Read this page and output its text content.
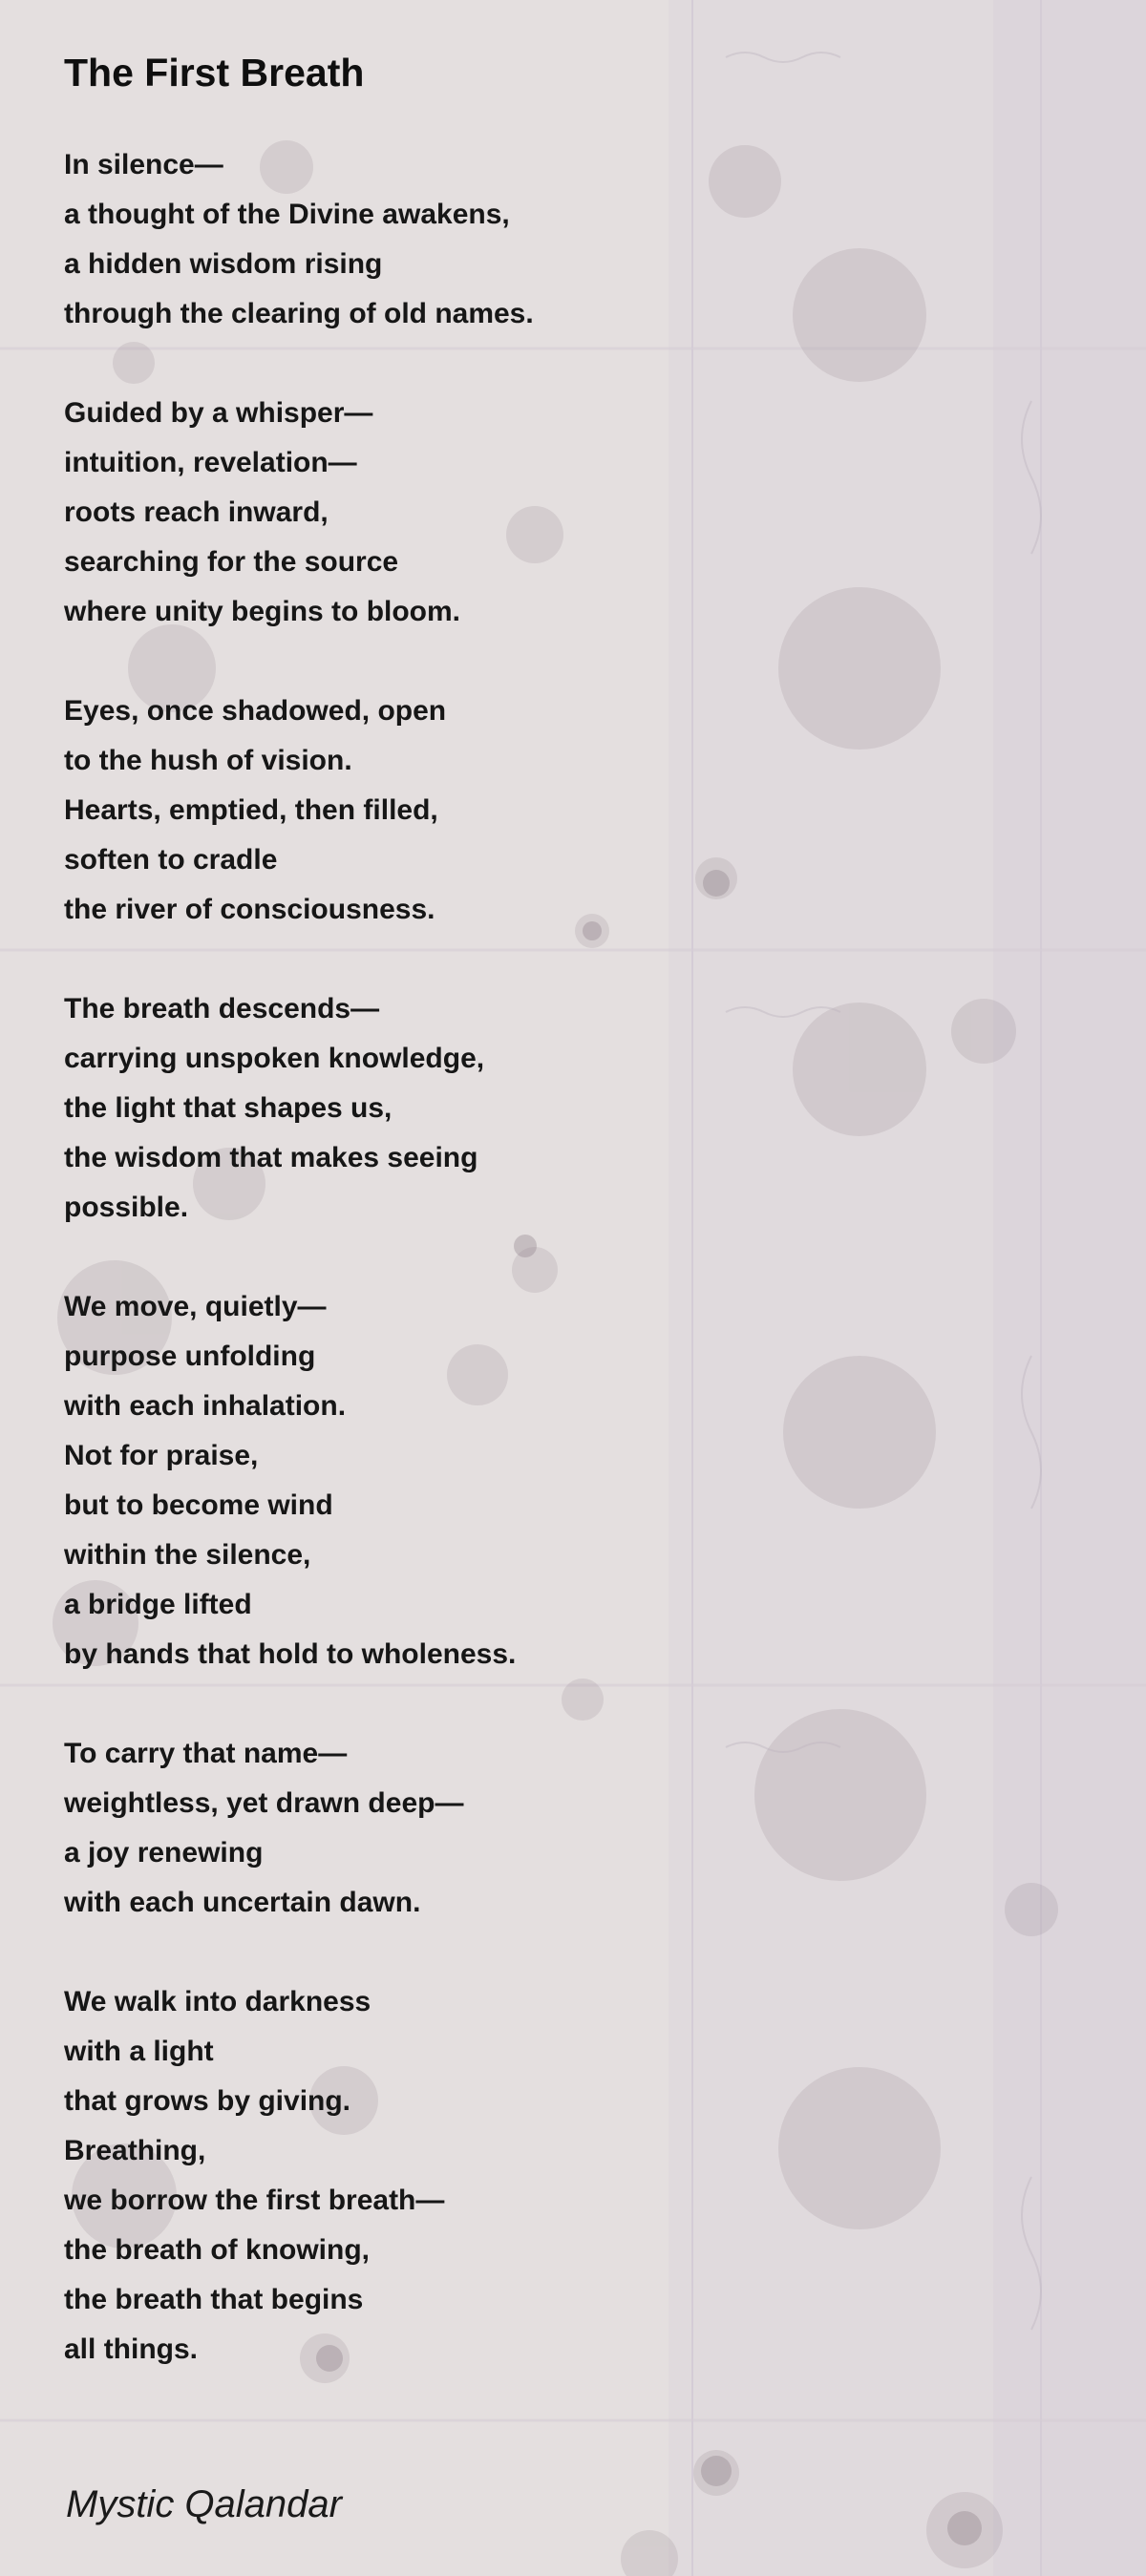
The First Breath

In silence—
a thought of the Divine awakens,
a hidden wisdom rising
through the clearing of old names.

Guided by a whisper—
intuition, revelation—
roots reach inward,
searching for the source
where unity begins to bloom.

Eyes, once shadowed, open
to the hush of vision.
Hearts, emptied, then filled,
soften to cradle
the river of consciousness.

The breath descends—
carrying unspoken knowledge,
the light that shapes us,
the wisdom that makes seeing
possible.

We move, quietly—
purpose unfolding
with each inhalation.
Not for praise,
but to become wind
within the silence,
a bridge lifted
by hands that hold to wholeness.

To carry that name—
weightless, yet drawn deep—
a joy renewing
with each uncertain dawn.

We walk into darkness
with a light
that grows by giving.
Breathing,
we borrow the first breath—
the breath of knowing,
the breath that begins
all things.

Mystic Qalandar
